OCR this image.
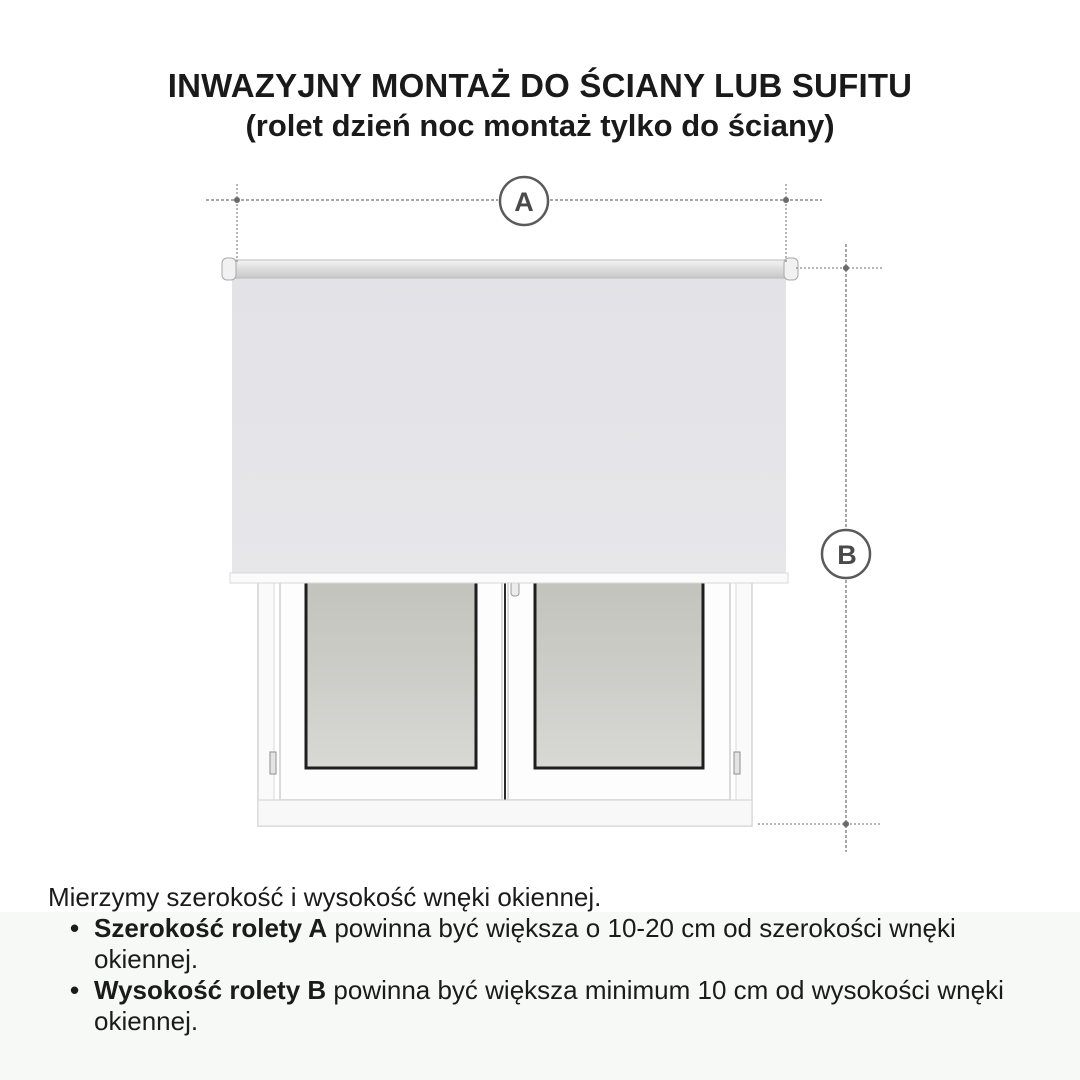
INWAZYJNY MONTAŻ DO ŚCIANY LUB SUFITU
(rolet dzień noc montaż tylko do ściany)
A
B
Mierzymy szerokość i wysokość wnęki okiennej.
• Szerokość rolety A powinna być większa o 10-20 cm od szerokości wnęki okiennej.
• Wysokość rolety B powinna być większa minimum 10 cm od wysokości wnęki okiennej.
